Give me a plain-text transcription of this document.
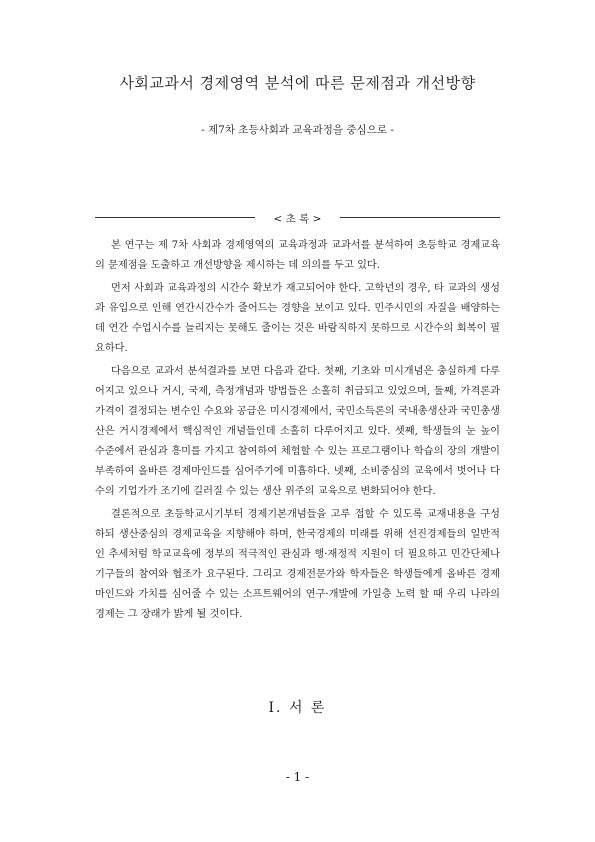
사회교과서 경제영역 분석에 따른 문제점과 개선방향
- 제7차 초등사회과 교육과정을 중심으로 -
< 초 록 >

본 연구는 제 7차 사회과 경제영역의 교육과정과 교과서를 분석하여 초등학교 경제교육의 문제점을 도출하고 개선방향을 제시하는 데 의의를 두고 있다.

먼저 사회과 교육과정의 시간수 확보가 재고되어야 한다. 고학년의 경우, 타 교과의 생성과 유입으로 인해 연간시간수가 줄어드는 경향을 보이고 있다. 민주시민의 자질을 배양하는데 연간 수업시수를 늘리지는 못해도 줄이는 것은 바람직하지 못하므로 시간수의 회복이 필요하다.

다음으로 교과서 분석결과를 보면 다음과 같다. 첫째, 기초와 미시개념은 충실하게 다루어지고 있으나 거시, 국제, 측정개념과 방법들은 소홀히 취급되고 있었으며, 둘째, 가격론과 가격이 결정되는 변수인 수요와 공급은 미시경제에서, 국민소득론의 국내총생산과 국민총생산은 거시경제에서 핵심적인 개념들인데 소홀히 다루어지고 있다. 셋째, 학생들의 눈 높이 수준에서 관심과 흥미를 가지고 참여하여 체험할 수 있는 프로그램이나 학습의 장의 개발이 부족하여 올바른 경제마인드를 심어주기에 미흡하다. 넷째, 소비중심의 교육에서 벗어나 다수의 기업가가 조기에 길러질 수 있는 생산 위주의 교육으로 변화되어야 한다.

결론적으로 초등학교시기부터 경제기본개념들을 고루 접할 수 있도록 교재내용을 구성하되 생산중심의 경제교육을 지향해야 하며, 한국경제의 미래를 위해 선진경제들의 일반적인 추세처럼 학교교육에 정부의 적극적인 관심과 행·재정적 지원이 더 필요하고 민간단체나 기구들의 참여와 협조가 요구된다. 그리고 경제전문가와 학자들은 학생들에게 올바른 경제마인드와 가치를 심어줄 수 있는 소프트웨어의 연구·개발에 가일층 노력 할 때 우리 나라의 경제는 그 장래가 밝게 될 것이다.

Ⅰ. 서 론
- 1 -
